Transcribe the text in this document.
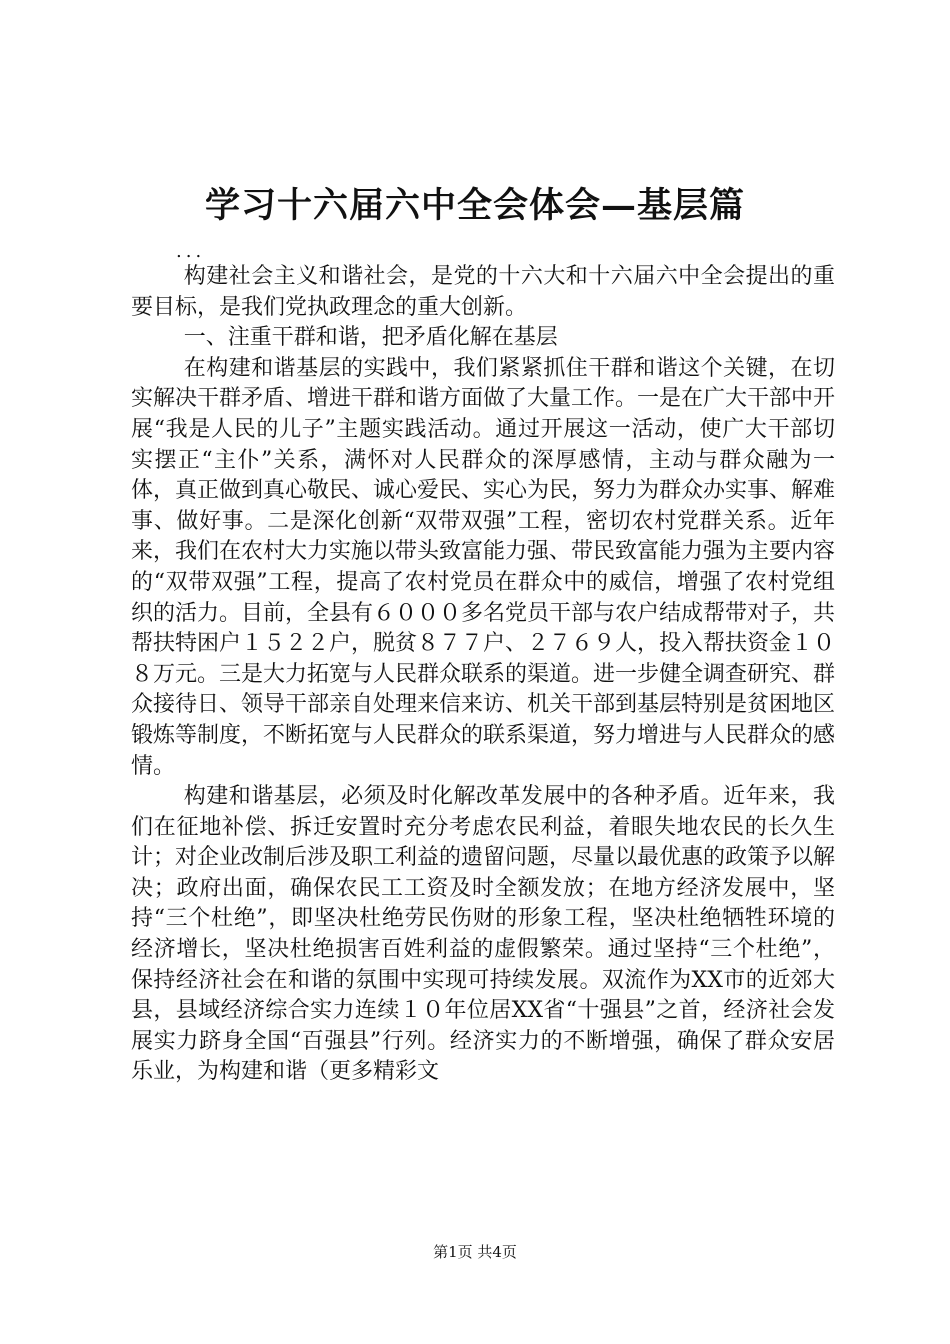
学习十六届六中全会体会—基层篇
...

构建社会主义和谐社会，是党的十六大和十六届六中全会提出的重要目标，是我们党执政理念的重大创新。

一、注重干群和谐，把矛盾化解在基层

在构建和谐基层的实践中，我们紧紧抓住干群和谐这个关键，在切实解决干群矛盾、增进干群和谐方面做了大量工作。一是在广大干部中开展“我是人民的儿子”主题实践活动。通过开展这一活动，使广大干部切实摆正“主仆”关系，满怀对人民群众的深厚感情，主动与群众融为一体，真正做到真心敬民、诚心爱民、实心为民，努力为群众办实事、解难事、做好事。二是深化创新“双带双强”工程，密切农村党群关系。近年来，我们在农村大力实施以带头致富能力强、带民致富能力强为主要内容的“双带双强”工程，提高了农村党员在群众中的威信，增强了农村党组织的活力。目前，全县有６０００多名党员干部与农户结成帮带对子，共帮扶特困户１５２２户，脱贫８７７户、２７６９人，投入帮扶资金１０８万元。三是大力拓宽与人民群众联系的渠道。进一步健全调查研究、群众接待日、领导干部亲自处理来信来访、机关干部到基层特别是贫困地区锻炼等制度，不断拓宽与人民群众的联系渠道，努力增进与人民群众的感情。

构建和谐基层，必须及时化解改革发展中的各种矛盾。近年来，我们在征地补偿、拆迁安置时充分考虑农民利益，着眼失地农民的长久生计；对企业改制后涉及职工利益的遗留问题，尽量以最优惠的政策予以解决；政府出面，确保农民工工资及时全额发放；在地方经济发展中，坚持“三个杜绝”，即坚决杜绝劳民伤财的形象工程，坚决杜绝牺牲环境的经济增长，坚决杜绝损害百姓利益的虚假繁荣。通过坚持“三个杜绝”，保持经济社会在和谐的氛围中实现可持续发展。双流作为XX市的近郊大县，县域经济综合实力连续１０年位居XX省“十强县”之首，经济社会发展实力跻身全国“百强县”行列。经济实力的不断增强，确保了群众安居乐业，为构建和谐（更多精彩文

第1页 共4页
